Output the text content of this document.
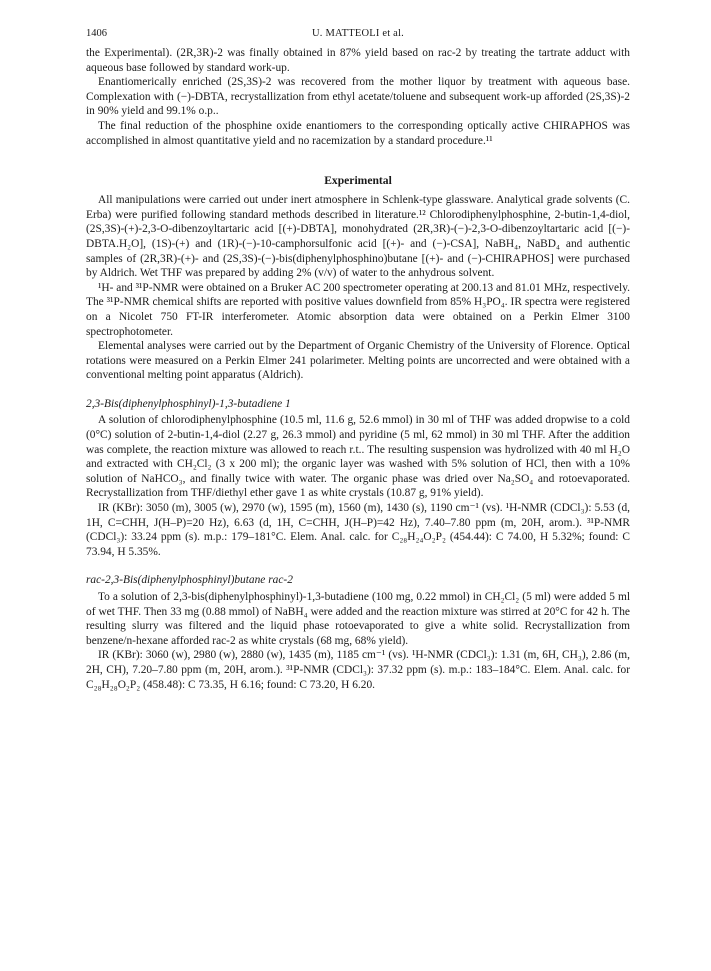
1406	U. MATTEOLI et al.

the Experimental). (2R,3R)-2 was finally obtained in 87% yield based on rac-2 by treating the tartrate adduct with aqueous base followed by standard work-up.

Enantiomerically enriched (2S,3S)-2 was recovered from the mother liquor by treatment with aqueous base. Complexation with (−)-DBTA, recrystallization from ethyl acetate/toluene and subsequent work-up afforded (2S,3S)-2 in 90% yield and 99.1% o.p..

The final reduction of the phosphine oxide enantiomers to the corresponding optically active CHIRAPHOS was accomplished in almost quantitative yield and no racemization by a standard procedure.¹¹

Experimental

All manipulations were carried out under inert atmosphere in Schlenk-type glassware. Analytical grade solvents (C. Erba) were purified following standard methods described in literature.¹² Chlorodiphenylphosphine, 2-butin-1,4-diol, (2S,3S)-(+)-2,3-O-dibenzoyltartaric acid [(+)-DBTA], monohydrated (2R,3R)-(−)-2,3-O-dibenzoyltartaric acid [(−)-DBTA.H₂O], (1S)-(+) and (1R)-(−)-10-camphorsulfonic acid [(+)- and (−)-CSA], NaBH₄, NaBD₄ and authentic samples of (2R,3R)-(+)- and (2S,3S)-(−)-bis(diphenylphosphino)butane [(+)- and (−)-CHIRAPHOS] were purchased by Aldrich. Wet THF was prepared by adding 2% (v/v) of water to the anhydrous solvent.

¹H- and ³¹P-NMR were obtained on a Bruker AC 200 spectrometer operating at 200.13 and 81.01 MHz, respectively. The ³¹P-NMR chemical shifts are reported with positive values downfield from 85% H₃PO₄. IR spectra were registered on a Nicolet 750 FT-IR interferometer. Atomic absorption data were obtained on a Perkin Elmer 3100 spectrophotometer.

Elemental analyses were carried out by the Department of Organic Chemistry of the University of Florence. Optical rotations were measured on a Perkin Elmer 241 polarimeter. Melting points are uncorrected and were obtained with a conventional melting point apparatus (Aldrich).

2,3-Bis(diphenylphosphinyl)-1,3-butadiene 1

A solution of chlorodiphenylphosphine (10.5 ml, 11.6 g, 52.6 mmol) in 30 ml of THF was added dropwise to a cold (0°C) solution of 2-butin-1,4-diol (2.27 g, 26.3 mmol) and pyridine (5 ml, 62 mmol) in 30 ml THF. After the addition was complete, the reaction mixture was allowed to reach r.t.. The resulting suspension was hydrolized with 40 ml H₂O and extracted with CH₂Cl₂ (3 x 200 ml); the organic layer was washed with 5% solution of HCl, then with a 10% solution of NaHCO₃, and finally twice with water. The organic phase was dried over Na₂SO₄ and rotoevaporated. Recrystallization from THF/diethyl ether gave 1 as white crystals (10.87 g, 91% yield).

IR (KBr): 3050 (m), 3005 (w), 2970 (w), 1595 (m), 1560 (m), 1430 (s), 1190 cm⁻¹ (vs). ¹H-NMR (CDCl₃): 5.53 (d, 1H, C=CHH, J(H–P)=20 Hz), 6.63 (d, 1H, C=CHH, J(H–P)=42 Hz), 7.40–7.80 ppm (m, 20H, arom.). ³¹P-NMR (CDCl₃): 33.24 ppm (s). m.p.: 179–181°C. Elem. Anal. calc. for C₂₈H₂₄O₂P₂ (454.44): C 74.00, H 5.32%; found: C 73.94, H 5.35%.

rac-2,3-Bis(diphenylphosphinyl)butane rac-2

To a solution of 2,3-bis(diphenylphosphinyl)-1,3-butadiene (100 mg, 0.22 mmol) in CH₂Cl₂ (5 ml) were added 5 ml of wet THF. Then 33 mg (0.88 mmol) of NaBH₄ were added and the reaction mixture was stirred at 20°C for 42 h. The resulting slurry was filtered and the liquid phase rotoevaporated to give a white solid. Recrystallization from benzene/n-hexane afforded rac-2 as white crystals (68 mg, 68% yield).

IR (KBr): 3060 (w), 2980 (w), 2880 (w), 1435 (m), 1185 cm⁻¹ (vs). ¹H-NMR (CDCl₃): 1.31 (m, 6H, CH₃), 2.86 (m, 2H, CH), 7.20–7.80 ppm (m, 20H, arom.). ³¹P-NMR (CDCl₃): 37.32 ppm (s). m.p.: 183–184°C. Elem. Anal. calc. for C₂₈H₂₈O₂P₂ (458.48): C 73.35, H 6.16; found: C 73.20, H 6.20.
